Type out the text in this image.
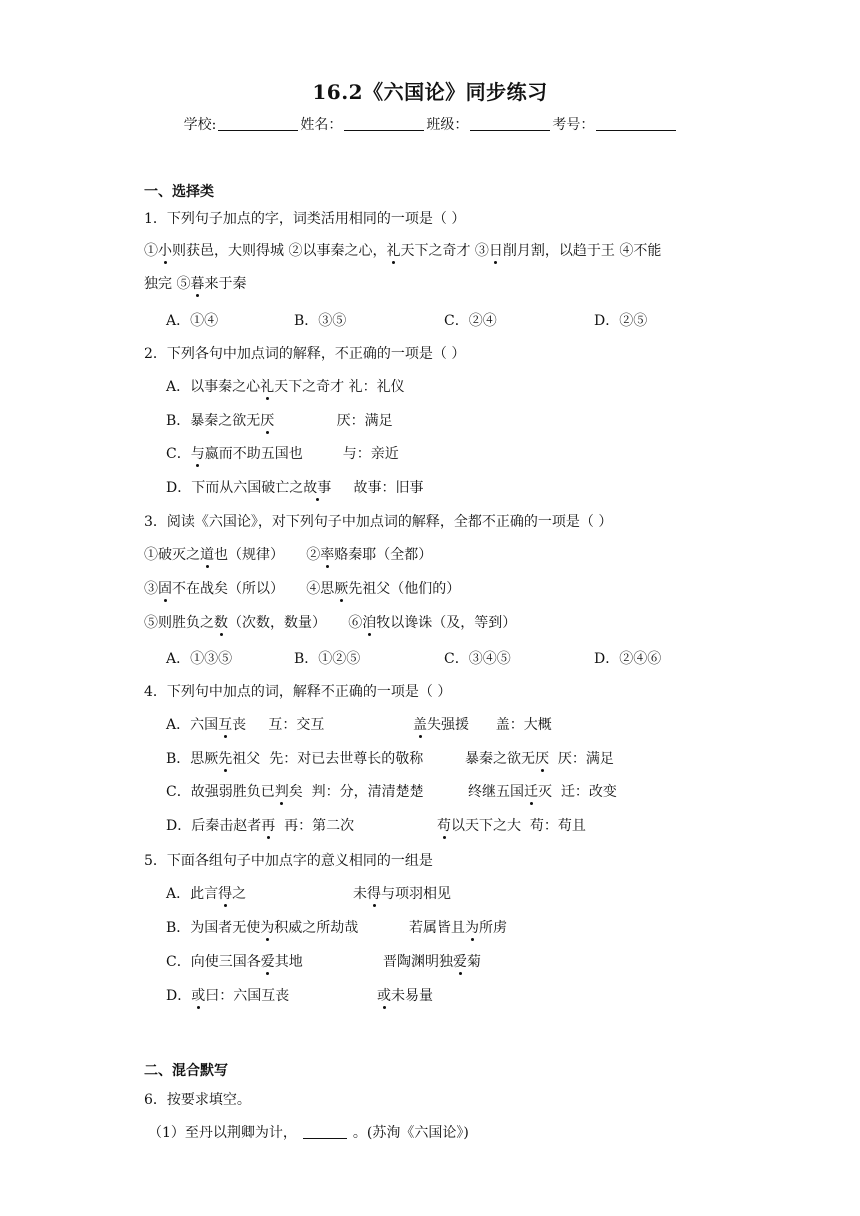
16.2《六国论》同步练习
学校:	姓名：	班级：	考号：
一、选择类
1．下列句子加点的字，词类活用相同的一项是（ ）
①小则获邑，大则得城 ②以事秦之心，礼天下之奇才 ③日削月割，以趋于王 ④不能
独完 ⑤暮来于秦
A．①④	B．③⑤	C．②④	D．②⑤
2．下列各句中加点词的解释，不正确的一项是（ ）
A．以事秦之心礼天下之奇才 礼：礼仪
B．暴秦之欲无厌              厌：满足
C．与嬴而不助五国也         与：亲近
D．下而从六国破亡之故事     故事：旧事
3．阅读《六国论》，对下列句子中加点词的解释，全都不正确的一项是（ ）
①破灭之道也（规律）     ②率赂秦耶（全都）
③固不在战矣（所以）     ④思厥先祖父（他们的）
⑤则胜负之数（次数，数量）     ⑥洎牧以谗诛（及，等到）
A．①③⑤	B．①②⑤	C．③④⑤	D．②④⑥
4．下列句中加点的词，解释不正确的一项是（ ）
A．六国互丧     互：交互	盖失强援      盖：大概
B．思厥先祖父  先：对已去世尊长的敬称	暴秦之欲无厌  厌：满足
C．故强弱胜负已判矣  判：分，清清楚楚	终继五国迁灭  迁：改变
D．后秦击赵者再  再：第二次	苟以天下之大  苟：苟且
5．下面各组句子中加点字的意义相同的一组是
A．此言得之	未得与项羽相见
B．为国者无使为积威之所劫哉	若属皆且为所虏
C．向使三国各爱其地	晋陶渊明独爱菊
D．或曰：六国互丧	或未易量
二、混合默写
6．按要求填空。
（1）至丹以荆卿为计，	。(苏洵《六国论》)
